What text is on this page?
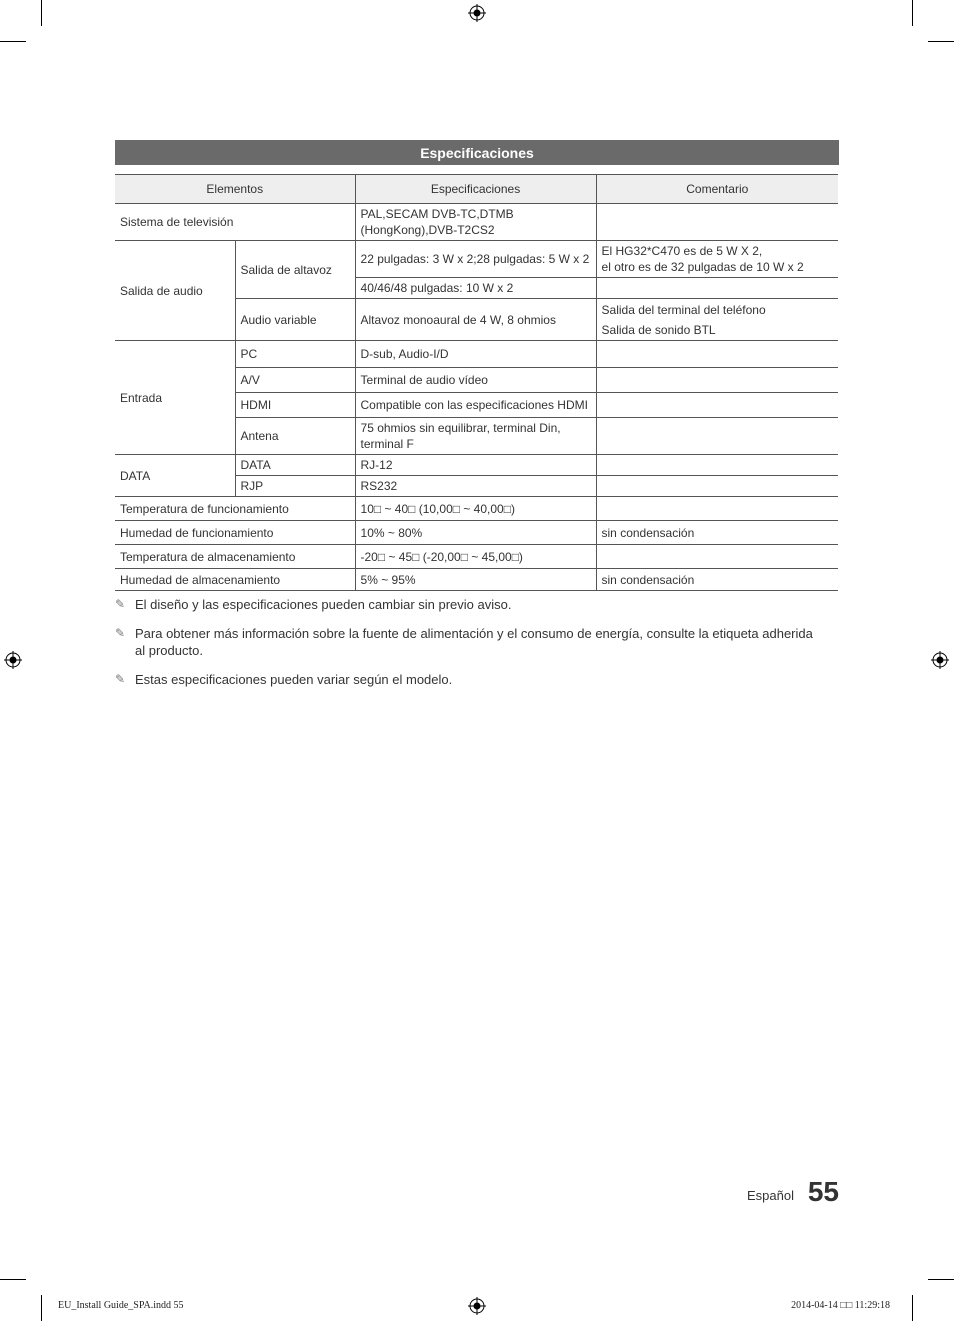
Especificaciones
Elementos		Especificaciones	Comentario
Sistema de televisión		PAL,SECAM DVB-TC,DTMB (HongKong),DVB-T2CS2	
Salida de audio	Salida de altavoz	22 pulgadas: 3 W x 2;28 pulgadas: 5 W x 2	El HG32*C470 es de 5 W X 2,
el otro es de 32 pulgadas de 10 W x 2

		40/46/48 pulgadas: 10 W x 2	
	Audio variable	Altavoz monoaural de 4 W, 8 ohmios	Salida del terminal del teléfono
Salida de sonido BTL

Entrada	PC	D-sub, Audio-I/D	
	A/V	Terminal de audio vídeo	
	HDMI	Compatible con las especificaciones HDMI	
	Antena	75 ohmios sin equilibrar, terminal Din, terminal F	
DATA	DATA	RJ-12	
	RJP	RS232	
Temperatura de funcionamiento		10□ ~ 40□ (10,00□ ~ 40,00□)	
Humedad de funcionamiento		10% ~ 80%	sin condensación
Temperatura de almacenamiento		-20□ ~ 45□ (-20,00□ ~ 45,00□)	
Humedad de almacenamiento		5% ~ 95%	sin condensación
✎ El diseño y las especificaciones pueden cambiar sin previo aviso.
✎ Para obtener más información sobre la fuente de alimentación y el consumo de energía, consulte la etiqueta adherida al producto.
✎ Estas especificaciones pueden variar según el modelo.
Español 55
EU_Install Guide_SPA.indd 55	2014-04-14 □□ 11:29:18
